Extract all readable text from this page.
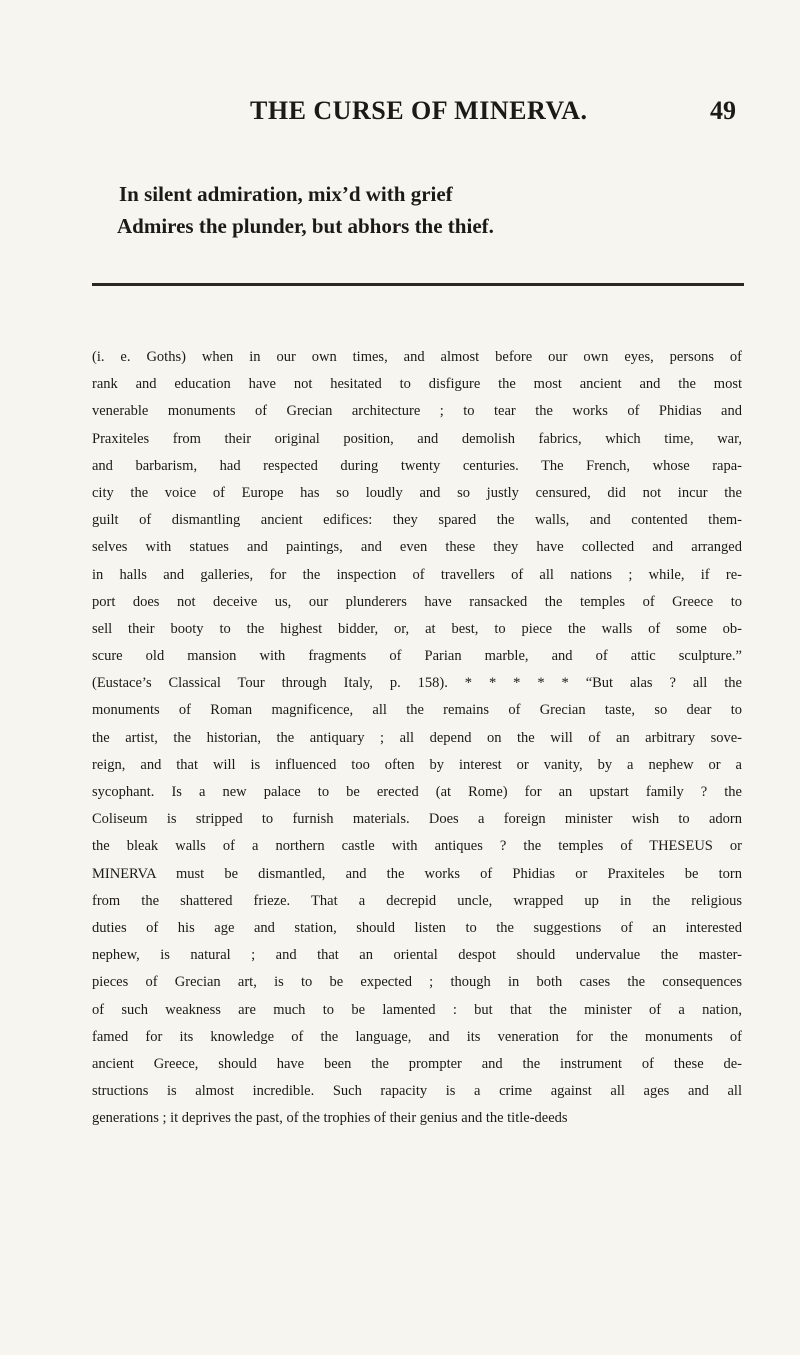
THE CURSE OF MINERVA.	49
In silent admiration, mix’d with grief
Admires the plunder, but abhors the thief.
(i. e. Goths) when in our own times, and almost before our own eyes, persons of
rank and education have not hesitated to disfigure the most ancient and the most
venerable monuments of Grecian architecture ; to tear the works of Phidias and
Praxiteles from their original position, and demolish fabrics, which time, war,
and barbarism, had respected during twenty centuries. The French, whose rapa-
city the voice of Europe has so loudly and so justly censured, did not incur the
guilt of dismantling ancient edifices: they spared the walls, and contented them-
selves with statues and paintings, and even these they have collected and arranged
in halls and galleries, for the inspection of travellers of all nations ; while, if re-
port does not deceive us, our plunderers have ransacked the temples of Greece to
sell their booty to the highest bidder, or, at best, to piece the walls of some ob-
scure old mansion with fragments of Parian marble, and of attic sculpture.”
(Eustace’s Classical Tour through Italy, p. 158). * * * * * “But alas ? all the
monuments of Roman magnificence, all the remains of Grecian taste, so dear to
the artist, the historian, the antiquary ; all depend on the will of an arbitrary sove-
reign, and that will is influenced too often by interest or vanity, by a nephew or a
sycophant. Is a new palace to be erected (at Rome) for an upstart family ? the
Coliseum is stripped to furnish materials. Does a foreign minister wish to adorn
the bleak walls of a northern castle with antiques ? the temples of THESEUS or
MINERVA must be dismantled, and the works of Phidias or Praxiteles be torn
from the shattered frieze. That a decrepid uncle, wrapped up in the religious
duties of his age and station, should listen to the suggestions of an interested
nephew, is natural ; and that an oriental despot should undervalue the master-
pieces of Grecian art, is to be expected ; though in both cases the consequences
of such weakness are much to be lamented : but that the minister of a nation,
famed for its knowledge of the language, and its veneration for the monuments of
ancient Greece, should have been the prompter and the instrument of these de-
structions is almost incredible. Such rapacity is a crime against all ages and all
generations ; it deprives the past, of the trophies of their genius and the title-deeds
